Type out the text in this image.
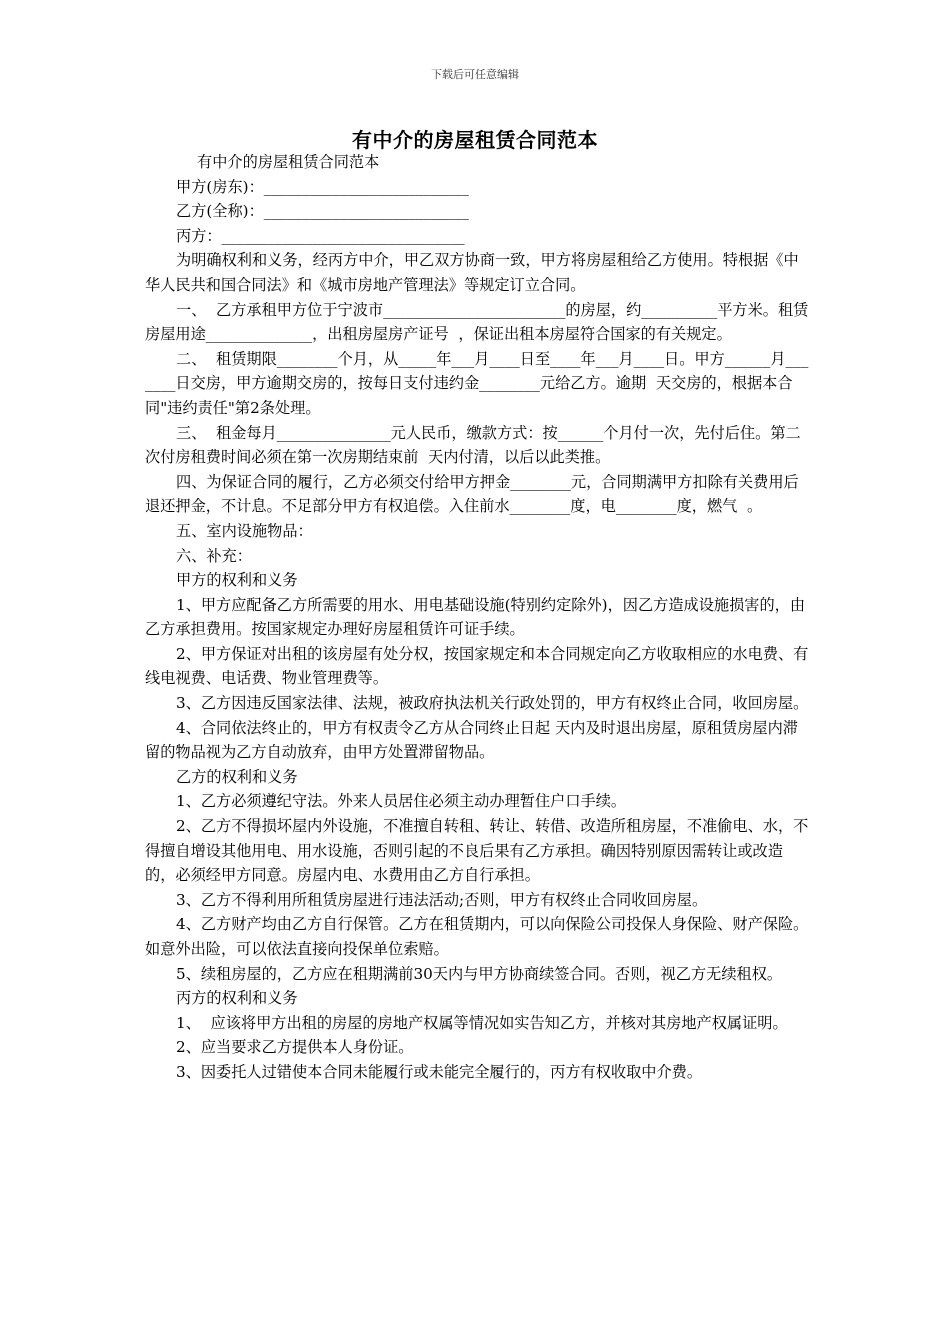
下载后可任意编辑
有中介的房屋租赁合同范本

有中介的房屋租赁合同范本

甲方(房东)：___________________________

乙方(全称)：___________________________

丙方：________________________________

为明确权利和义务，经丙方中介，甲乙双方协商一致，甲方将房屋租给乙方使用。特根据《中华人民共和国合同法》和《城市房地产管理法》等规定订立合同。

一、  乙方承租甲方位于宁波市________________________的房屋，约__________平方米。租赁房屋用途______________，出租房屋房产证号  ，保证出租本房屋符合国家的有关规定。

二、  租赁期限________个月，从_____年___月____日至____年___月____日。甲方______月_______日交房，甲方逾期交房的，按每日支付违约金________元给乙方。逾期  天交房的，根据本合同"违约责任"第2条处理。

三、  租金每月_______________元人民币，缴款方式：按______个月付一次，先付后住。第二次付房租费时间必须在第一次房期结束前  天内付清，以后以此类推。

四、为保证合同的履行，乙方必须交付给甲方押金________元，合同期满甲方扣除有关费用后退还押金，不计息。不足部分甲方有权追偿。入住前水________度，电________度，燃气  。

五、室内设施物品：

六、补充：

甲方的权利和义务

1、甲方应配备乙方所需要的用水、用电基础设施(特别约定除外)，因乙方造成设施损害的，由乙方承担费用。按国家规定办理好房屋租赁许可证手续。

2、甲方保证对出租的该房屋有处分权，按国家规定和本合同规定向乙方收取相应的水电费、有线电视费、电话费、物业管理费等。

3、乙方因违反国家法律、法规，被政府执法机关行政处罚的，甲方有权终止合同，收回房屋。

4、合同依法终止的，甲方有权责令乙方从合同终止日起 天内及时退出房屋，原租赁房屋内滞留的物品视为乙方自动放弃，由甲方处置滞留物品。

乙方的权利和义务

1、乙方必须遵纪守法。外来人员居住必须主动办理暂住户口手续。

2、乙方不得损坏屋内外设施，不准擅自转租、转让、转借、改造所租房屋，不准偷电、水，不得擅自增设其他用电、用水设施，否则引起的不良后果有乙方承担。确因特别原因需转让或改造的，必须经甲方同意。房屋内电、水费用由乙方自行承担。

3、乙方不得利用所租赁房屋进行违法活动;否则，甲方有权终止合同收回房屋。

4、乙方财产均由乙方自行保管。乙方在租赁期内，可以向保险公司投保人身保险、财产保险。如意外出险，可以依法直接向投保单位索赔。

5、续租房屋的，乙方应在租期满前30天内与甲方协商续签合同。否则，视乙方无续租权。

丙方的权利和义务

1、  应该将甲方出租的房屋的房地产权属等情况如实告知乙方，并核对其房地产权属证明。

2、应当要求乙方提供本人身份证。

3、因委托人过错使本合同未能履行或未能完全履行的，丙方有权收取中介费。
